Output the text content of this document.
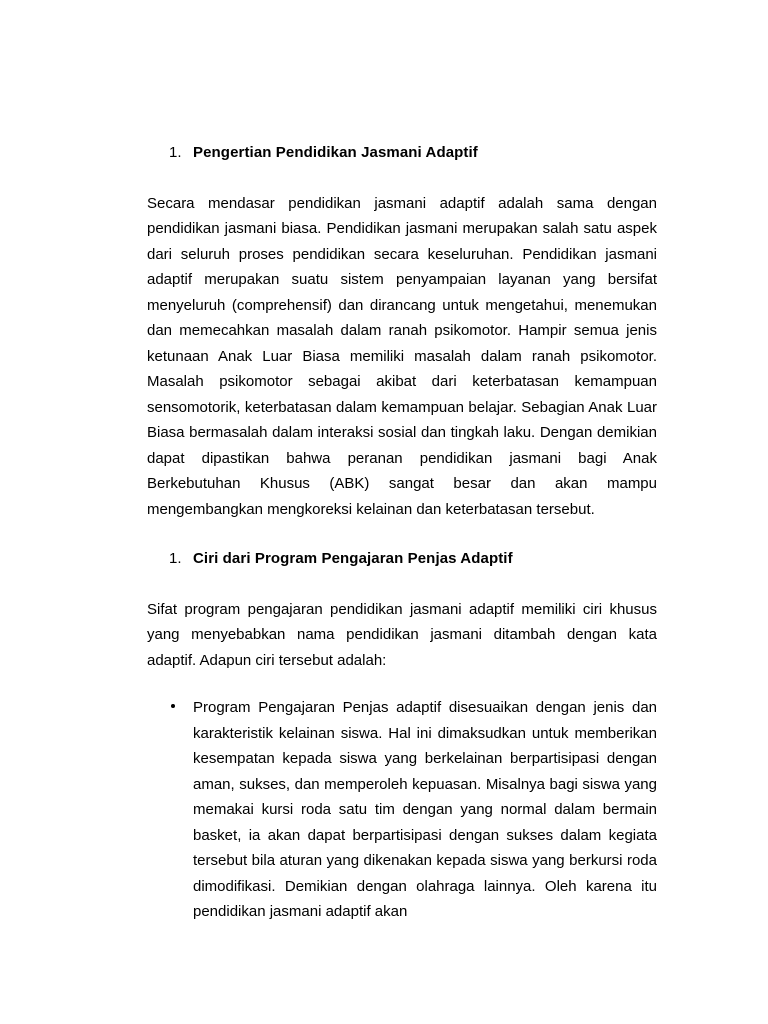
1. Pengertian Pendidikan Jasmani Adaptif

Secara mendasar pendidikan jasmani adaptif adalah sama dengan pendidikan jasmani biasa. Pendidikan jasmani merupakan salah satu aspek dari seluruh proses pendidikan secara keseluruhan. Pendidikan jasmani adaptif merupakan suatu sistem penyampaian layanan yang bersifat menyeluruh (comprehensif) dan dirancang untuk mengetahui, menemukan dan memecahkan masalah dalam ranah psikomotor. Hampir semua jenis ketunaan Anak Luar Biasa memiliki masalah dalam ranah psikomotor. Masalah psikomotor sebagai akibat dari keterbatasan kemampuan sensomotorik, keterbatasan dalam kemampuan belajar. Sebagian Anak Luar Biasa bermasalah dalam interaksi sosial dan tingkah laku. Dengan demikian dapat dipastikan bahwa peranan pendidikan jasmani bagi Anak Berkebutuhan Khusus (ABK) sangat besar dan akan mampu mengembangkan mengkoreksi kelainan dan keterbatasan tersebut.

1. Ciri dari Program Pengajaran Penjas Adaptif

Sifat program pengajaran pendidikan jasmani adaptif memiliki ciri khusus yang menyebabkan nama pendidikan jasmani ditambah dengan kata adaptif. Adapun ciri tersebut adalah:

Program Pengajaran Penjas adaptif disesuaikan dengan jenis dan karakteristik kelainan siswa. Hal ini dimaksudkan untuk memberikan kesempatan kepada siswa yang berkelainan berpartisipasi dengan aman, sukses, dan memperoleh kepuasan. Misalnya bagi siswa yang memakai kursi roda satu tim dengan yang normal dalam bermain basket, ia akan dapat berpartisipasi dengan sukses dalam kegiata tersebut bila aturan yang dikenakan kepada siswa yang berkursi roda dimodifikasi. Demikian dengan olahraga lainnya. Oleh karena itu pendidikan jasmani adaptif akan
